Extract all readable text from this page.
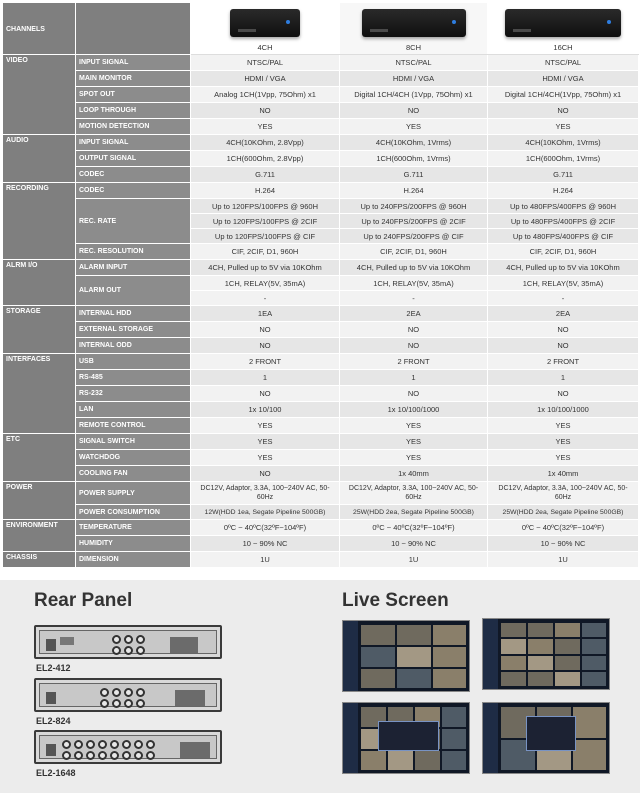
CHANNELS		4CH	8CH	16CH
VIDEO	INPUT SIGNAL	NTSC/PAL	NTSC/PAL	NTSC/PAL
	MAIN MONITOR	HDMI / VGA	HDMI / VGA	HDMI / VGA
	SPOT OUT	Analog 1CH(1Vpp, 75Ohm) x1	Digital 1CH/4CH (1Vpp, 75Ohm) x1	Digital 1CH/4CH(1Vpp, 75Ohm) x1
	LOOP THROUGH	NO	NO	NO
	MOTION DETECTION	YES	YES	YES
AUDIO	INPUT SIGNAL	4CH(10KOhm, 2.8Vpp)	4CH(10KOhm, 1Vrms)	4CH(10KOhm, 1Vrms)
	OUTPUT SIGNAL	1CH(600Ohm, 2.8Vpp)	1CH(600Ohm, 1Vrms)	1CH(600Ohm, 1Vrms)
	CODEC	G.711	G.711	G.711
RECORDING	CODEC	H.264	H.264	H.264
	REC. RATE	Up to 120FPS/100FPS @ 960H	Up to 240FPS/200FPS @ 960H	Up to 480FPS/400FPS @ 960H
		Up to 120FPS/100FPS @ 2CIF	Up to 240FPS/200FPS @ 2CIF	Up to 480FPS/400FPS @ 2CIF
		Up to 120FPS/100FPS @ CIF	Up to 240FPS/200FPS @ CIF	Up to 480FPS/400FPS @ CIF
	REC. RESOLUTION	CIF, 2CIF, D1, 960H	CIF, 2CIF, D1, 960H	CIF, 2CIF, D1, 960H
ALRM I/O	ALARM INPUT	4CH, Pulled up to 5V via 10KOhm	4CH, Pulled up to 5V via 10KOhm	4CH, Pulled up to 5V via 10KOhm
	ALARM OUT	1CH, RELAY(5V, 35mA)	1CH, RELAY(5V, 35mA)	1CH, RELAY(5V, 35mA)
		-	-	-
STORAGE	INTERNAL HDD	1EA	2EA	2EA
	EXTERNAL STORAGE	NO	NO	NO
	INTERNAL ODD	NO	NO	NO
INTERFACES	USB	2 FRONT	2 FRONT	2 FRONT
	RS-485	1	1	1
	RS-232	NO	NO	NO
	LAN	1x 10/100	1x 10/100/1000	1x 10/100/1000
	REMOTE CONTROL	YES	YES	YES
ETC	SIGNAL SWITCH	YES	YES	YES
	WATCHDOG	YES	YES	YES
	COOLING FAN	NO	1x 40mm	1x 40mm
POWER	POWER SUPPLY	DC12V, Adaptor, 3.3A, 100~240V AC, 50-60Hz	DC12V, Adaptor, 3.3A, 100~240V AC, 50-60Hz	DC12V, Adaptor, 3.3A, 100~240V AC, 50-60Hz
	POWER CONSUMPTION	12W(HDD 1ea, Segate Pipeline 500GB)	25W(HDD 2ea, Segate Pipeline 500GB)	25W(HDD 2ea, Segate Pipeline 500GB)
ENVIRONMENT	TEMPERATURE	0ºC ~ 40ºC(32ºF~104ºF)	0ºC ~ 40ºC(32ºF~104ºF)	0ºC ~ 40ºC(32ºF~104ºF)
	HUMIDITY	10 ~ 90% NC	10 ~ 90% NC	10 ~ 90% NC
CHASSIS	DIMENSION	1U	1U	1U
Rear Panel	Live Screen
EL2-412
EL2-824
EL2-1648
